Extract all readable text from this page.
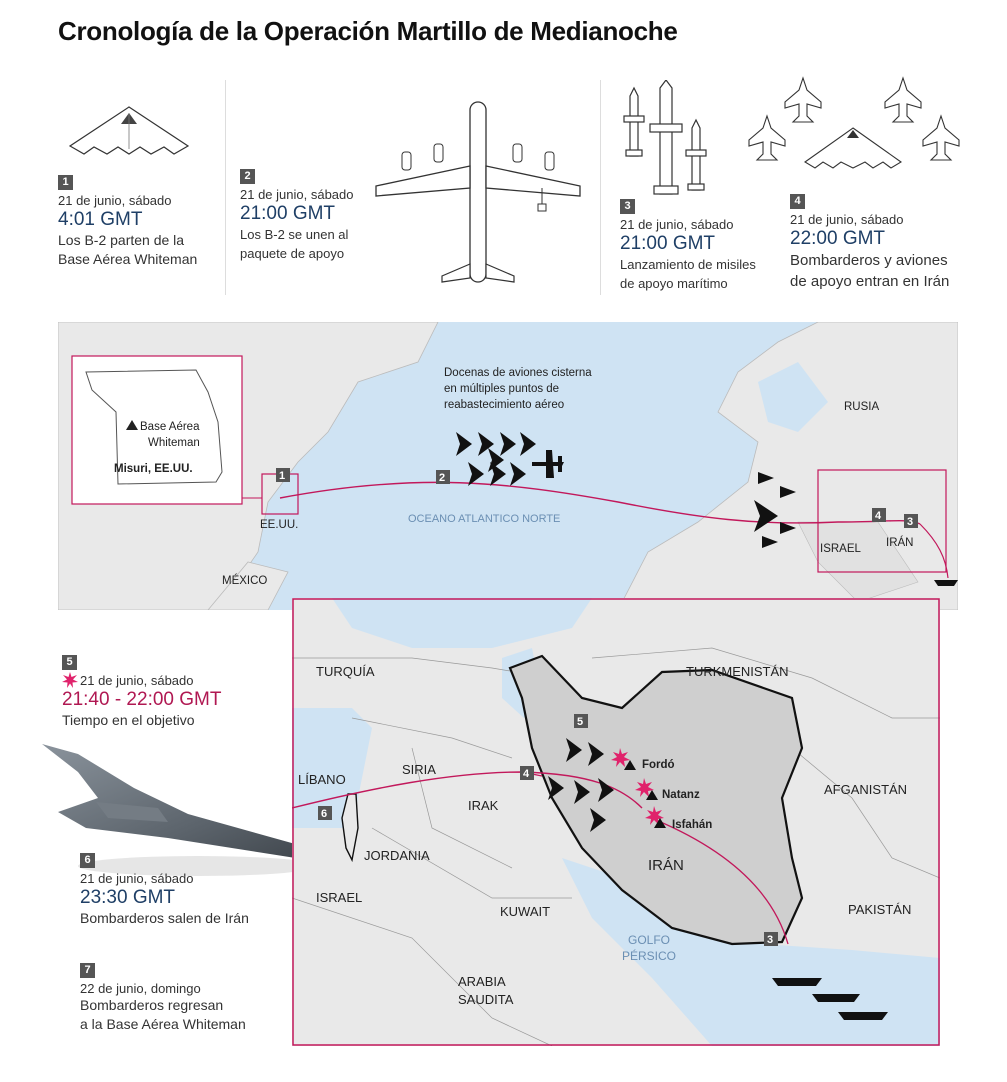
Cronología de la Operación Martillo de Medianoche
1
21 de junio, sábado
4:01 GMT
Los B-2 parten de la
Base Aérea Whiteman
2
21 de junio, sábado
21:00 GMT
Los B-2 se unen al
paquete de apoyo
3
21 de junio, sábado
21:00 GMT
Lanzamiento de misiles
de apoyo marítimo
4
21 de junio, sábado
22:00 GMT
Bombarderos y aviones
de apoyo entran en Irán
Base Aérea
Whiteman
Misuri, EE.UU.
1	2
4 3
Docenas de aviones cisterna
en múltiples puntos de
reabastecimiento aéreo
EE.UU.
MÉXICO
RUSIA
OCEANO ATLANTICO NORTE
ISRAEL IRÁN
5
21 de junio, sábado
21:40 - 22:00 GMT
Tiempo en el objetivo
6
21 de junio, sábado
23:30 GMT
Bombarderos salen de Irán
7
22 de junio, domingo
Bombarderos regresan
a la Base Aérea Whiteman
5
4
6
3
Fordó
Natanz
Isfahán
TURQUÍA	TURKMENISTÁN
SIRIA
LÍBANO
IRAK
JORDANIA
ISRAEL
KUWAIT
ARABIA
SAUDITA
GOLFO
PÉRSICO
IRÁN
AFGANISTÁN
PAKISTÁN
